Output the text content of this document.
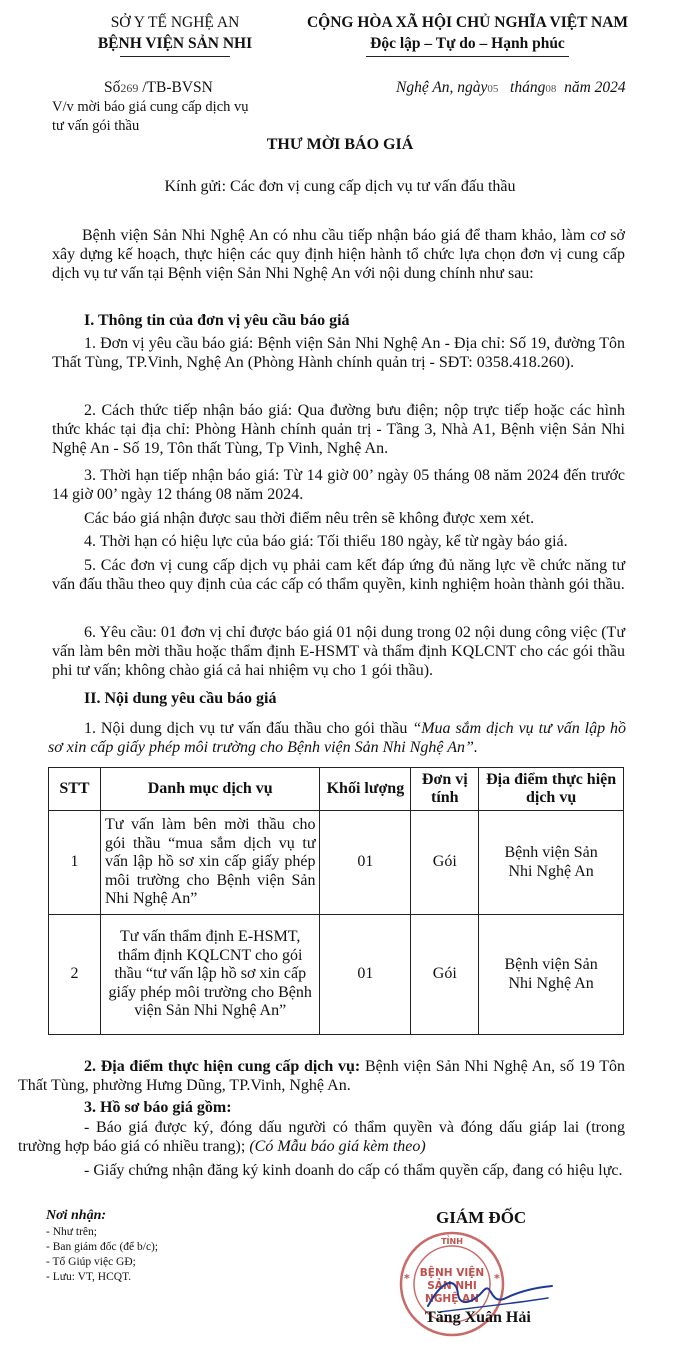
SỞ Y TẾ NGHỆ AN
BỆNH VIỆN SẢN NHI
CỘNG HÒA XÃ HỘI CHỦ NGHĨA VIỆT NAM
Độc lập – Tự do – Hạnh phúc
Số269 /TB-BVSN	Nghệ An, ngày05 tháng08 năm 2024
V/v mời báo giá cung cấp dịch vụ
tư vấn gói thầu
THƯ MỜI BÁO GIÁ
Kính gửi: Các đơn vị cung cấp dịch vụ tư vấn đấu thầu
Bệnh viện Sản Nhi Nghệ An có nhu cầu tiếp nhận báo giá để tham khảo, làm cơ sở xây dựng kế hoạch, thực hiện các quy định hiện hành tổ chức lựa chọn đơn vị cung cấp dịch vụ tư vấn tại Bệnh viện Sản Nhi Nghệ An với nội dung chính như sau:
I. Thông tin của đơn vị yêu cầu báo giá
1. Đơn vị yêu cầu báo giá: Bệnh viện Sản Nhi Nghệ An - Địa chỉ: Số 19, đường Tôn Thất Tùng, TP.Vinh, Nghệ An (Phòng Hành chính quản trị - SĐT: 0358.418.260).
2. Cách thức tiếp nhận báo giá: Qua đường bưu điện; nộp trực tiếp hoặc các hình thức khác tại địa chỉ: Phòng Hành chính quản trị - Tầng 3, Nhà A1, Bệnh viện Sản Nhi Nghệ An - Số 19, Tôn thất Tùng, Tp Vinh, Nghệ An.
3. Thời hạn tiếp nhận báo giá: Từ 14 giờ 00’ ngày 05 tháng 08 năm 2024 đến trước 14 giờ 00’ ngày 12 tháng 08 năm 2024.
Các báo giá nhận được sau thời điểm nêu trên sẽ không được xem xét.
4. Thời hạn có hiệu lực của báo giá: Tối thiểu 180 ngày, kể từ ngày báo giá.
5. Các đơn vị cung cấp dịch vụ phải cam kết đáp ứng đủ năng lực về chức năng tư vấn đấu thầu theo quy định của các cấp có thẩm quyền, kinh nghiệm hoàn thành gói thầu.
6. Yêu cầu: 01 đơn vị chỉ được báo giá 01 nội dung trong 02 nội dung công việc (Tư vấn làm bên mời thầu hoặc thẩm định E-HSMT và thẩm định KQLCNT cho các gói thầu phi tư vấn; không chào giá cả hai nhiệm vụ cho 1 gói thầu).
II. Nội dung yêu cầu báo giá
1. Nội dung dịch vụ tư vấn đấu thầu cho gói thầu “Mua sắm dịch vụ tư vấn lập hồ sơ xin cấp giấy phép môi trường cho Bệnh viện Sản Nhi Nghệ An”.
STT	Danh mục dịch vụ	Khối lượng	Đơn vị tính	Địa điểm thực hiện dịch vụ
1	Tư vấn làm bên mời thầu cho gói thầu “mua sắm dịch vụ tư vấn lập hồ sơ xin cấp giấy phép môi trường cho Bệnh viện Sản Nhi Nghệ An”	01	Gói	Bệnh viện Sản Nhi Nghệ An
2	Tư vấn thẩm định E-HSMT, thẩm định KQLCNT cho gói thầu “tư vấn lập hồ sơ xin cấp giấy phép môi trường cho Bệnh viện Sản Nhi Nghệ An”	01	Gói	Bệnh viện Sản Nhi Nghệ An
2. Địa điểm thực hiện cung cấp dịch vụ: Bệnh viện Sản Nhi Nghệ An, số 19 Tôn Thất Tùng, phường Hưng Dũng, TP.Vinh, Nghệ An.
3. Hồ sơ báo giá gồm:
- Báo giá được ký, đóng dấu người có thẩm quyền và đóng dấu giáp lai (trong trường hợp báo giá có nhiều trang); (Có Mẫu báo giá kèm theo)
- Giấy chứng nhận đăng ký kinh doanh do cấp có thẩm quyền cấp, đang có hiệu lực.
Nơi nhận:
- Như trên;
- Ban giám đốc (để b/c);
- Tổ Giúp việc GĐ;
- Lưu: VT, HCQT.
GIÁM ĐỐC
TỈNH
BỆNH VIỆN
SẢN NHI
NGHỆ AN
*
*
Tăng Xuân Hải
